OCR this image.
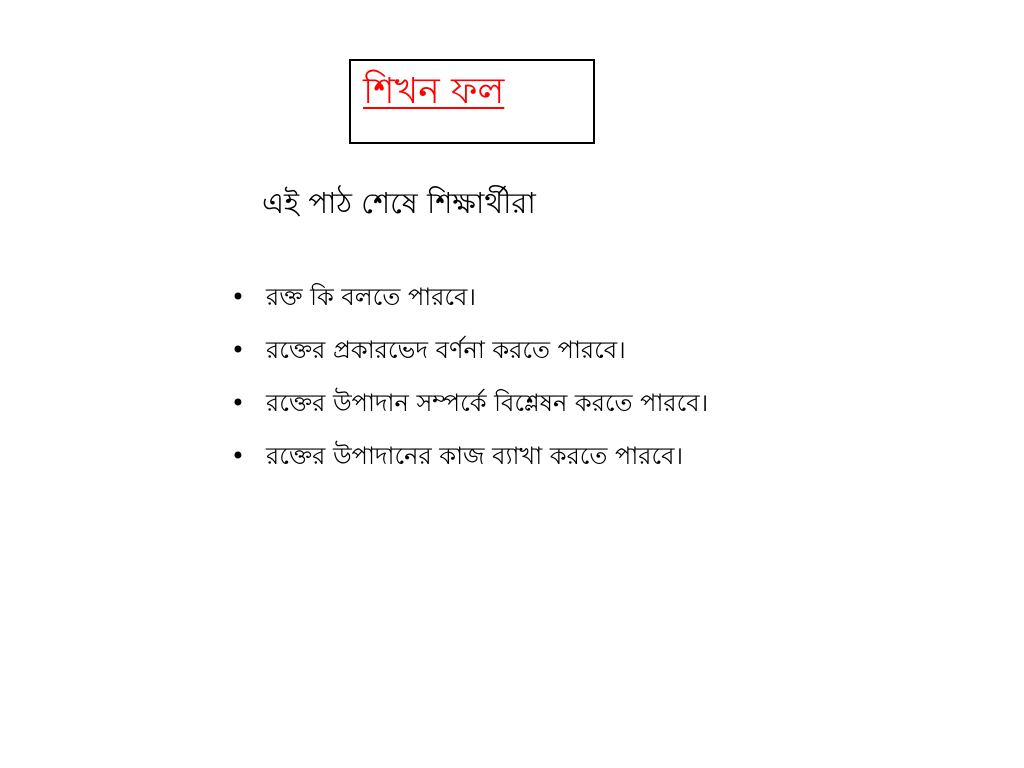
শিখন ফল
এই পাঠ শেষে শিক্ষার্থীরা
• রক্ত কি বলতে পারবে।
• রক্তের প্রকারভেদ বর্ণনা করতে পারবে।
• রক্তের উপাদান সম্পর্কে বিশ্লেষন করতে পারবে।
• রক্তের উপাদানের কাজ ব্যাখা করতে পারবে।
